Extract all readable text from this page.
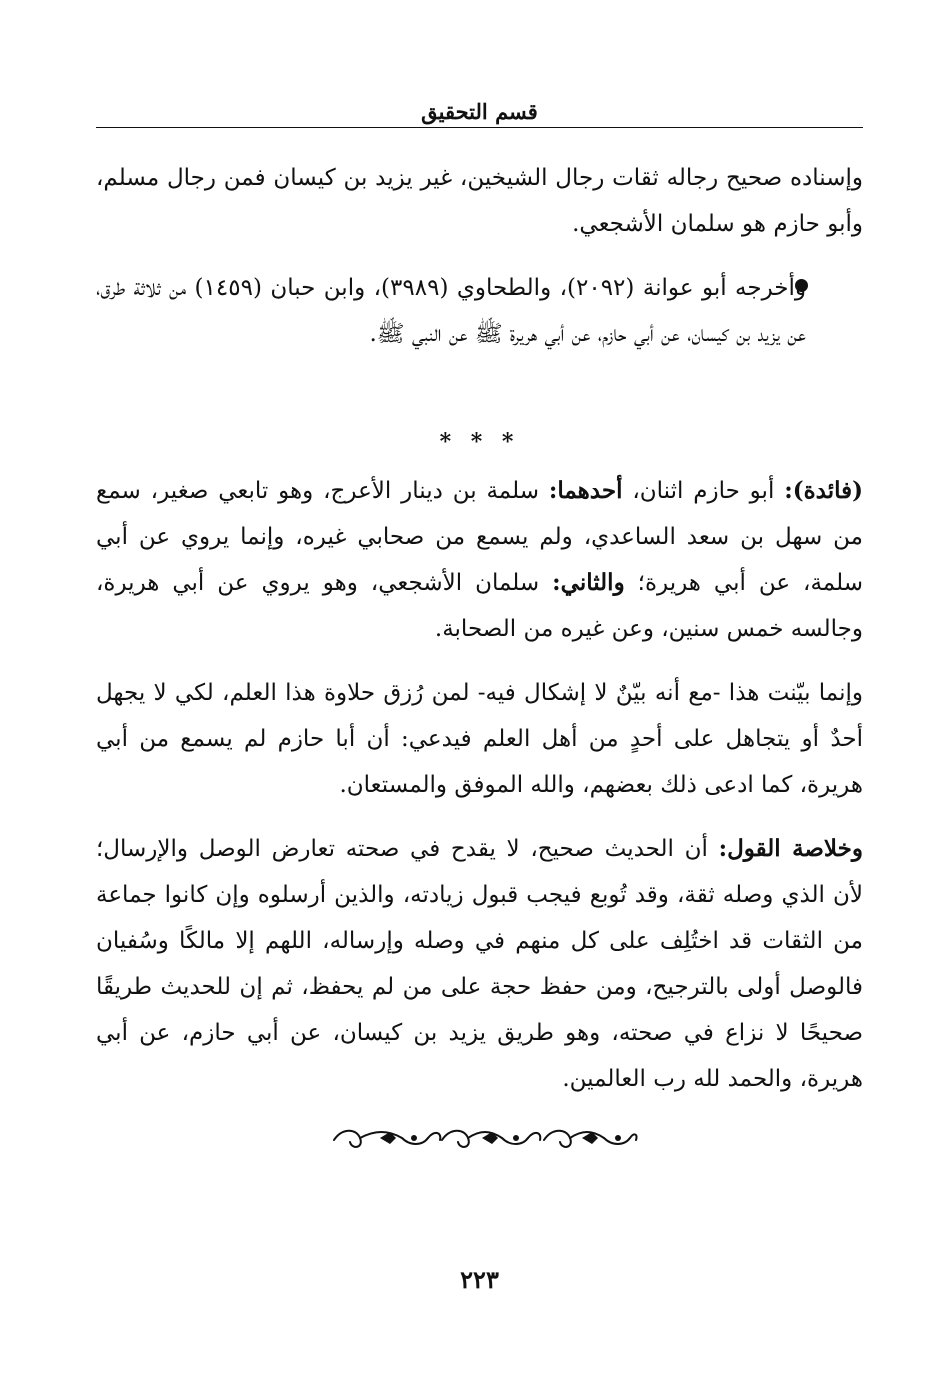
قسم التحقيق

وإسناده صحيح رجاله ثقات رجال الشيخين، غير يزيد بن كيسان فمن رجال مسلم، وأبو حازم هو سلمان الأشجعي.

وأخرجه أبو عوانة (٢٠٩٢)، والطحاوي (٣٩٨٩)، وابن حبان (١٤٥٩) من ثلاثة طرق، عن يزيد بن كيسان، عن أبي حازم، عن أبي هريرة ﷺ عن النبي ﷺ.

* * *

(فائدة): أبو حازم اثنان، أحدهما: سلمة بن دينار الأعرج، وهو تابعي صغير، سمع من سهل بن سعد الساعدي، ولم يسمع من صحابي غيره، وإنما يروي عن أبي سلمة، عن أبي هريرة؛ والثاني: سلمان الأشجعي، وهو يروي عن أبي هريرة، وجالسه خمس سنين، وعن غيره من الصحابة.

وإنما بيّنت هذا -مع أنه بيّنٌ لا إشكال فيه- لمن رُزق حلاوة هذا العلم، لكي لا يجهل أحدٌ أو يتجاهل على أحدٍ من أهل العلم فيدعي: أن أبا حازم لم يسمع من أبي هريرة، كما ادعى ذلك بعضهم، والله الموفق والمستعان.

وخلاصة القول: أن الحديث صحيح، لا يقدح في صحته تعارض الوصل والإرسال؛ لأن الذي وصله ثقة، وقد تُوبع فيجب قبول زيادته، والذين أرسلوه وإن كانوا جماعة من الثقات قد اختُلِف على كل منهم في وصله وإرساله، اللهم إلا مالكًا وسُفيان فالوصل أولى بالترجيح، ومن حفظ حجة على من لم يحفظ، ثم إن للحديث طريقًا صحيحًا لا نزاع في صحته، وهو طريق يزيد بن كيسان، عن أبي حازم، عن أبي هريرة، والحمد لله رب العالمين.

٢٢٣
